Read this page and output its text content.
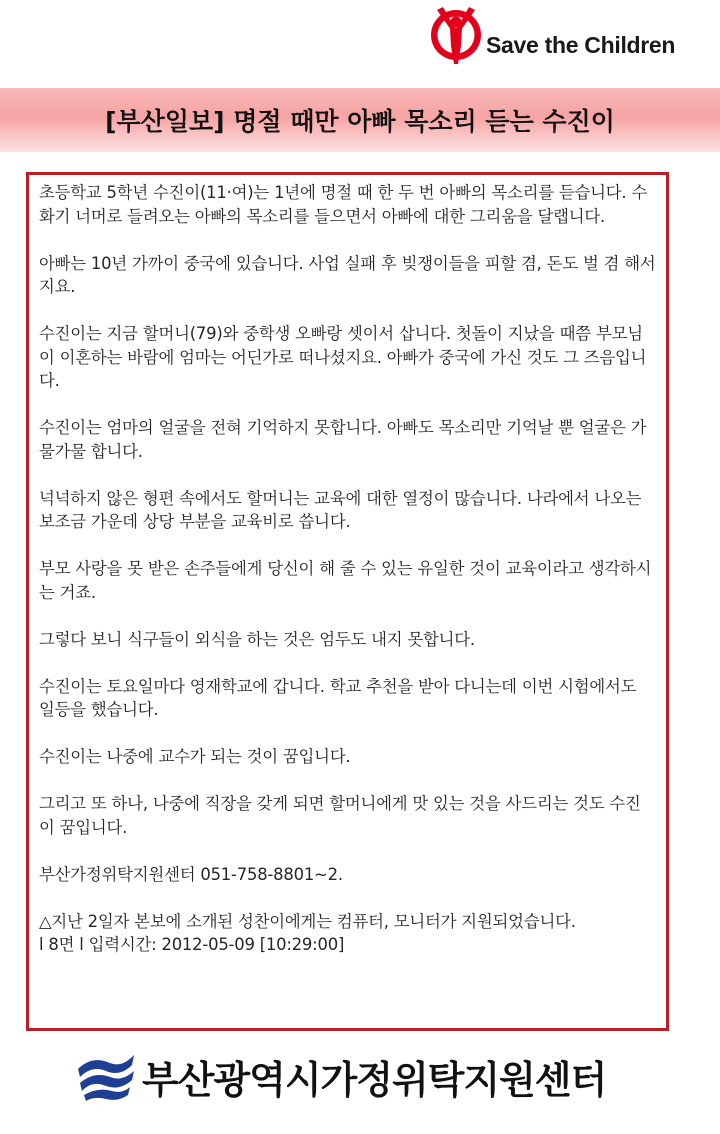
Save the Children
[부산일보] 명절 때만 아빠 목소리 듣는 수진이

초등학교 5학년 수진이(11·여)는 1년에 명절 때 한 두 번 아빠의 목소리를 듣습니다. 수화기 너머로 들려오는 아빠의 목소리를 들으면서 아빠에 대한 그리움을 달랩니다.

아빠는 10년 가까이 중국에 있습니다. 사업 실패 후 빚쟁이들을 피할 겸, 돈도 벌 겸 해서지요.

수진이는 지금 할머니(79)와 중학생 오빠랑 셋이서 삽니다. 첫돌이 지났을 때쯤 부모님이 이혼하는 바람에 엄마는 어딘가로 떠나셨지요. 아빠가 중국에 가신 것도 그 즈음입니다.

수진이는 엄마의 얼굴을 전혀 기억하지 못합니다. 아빠도 목소리만 기억날 뿐 얼굴은 가물가물 합니다.

넉넉하지 않은 형편 속에서도 할머니는 교육에 대한 열정이 많습니다. 나라에서 나오는 보조금 가운데 상당 부분을 교육비로 씁니다.

부모 사랑을 못 받은 손주들에게 당신이 해 줄 수 있는 유일한 것이 교육이라고 생각하시는 거죠.

그렇다 보니 식구들이 외식을 하는 것은 엄두도 내지 못합니다.

수진이는 토요일마다 영재학교에 갑니다. 학교 추천을 받아 다니는데 이번 시험에서도 일등을 했습니다.

수진이는 나중에 교수가 되는 것이 꿈입니다.

그리고 또 하나, 나중에 직장을 갖게 되면 할머니에게 맛 있는 것을 사드리는 것도 수진이 꿈입니다.

부산가정위탁지원센터 051-758-8801~2.

△지난 2일자 본보에 소개된 성찬이에게는 컴퓨터, 모니터가 지원되었습니다.

l 8면 l 입력시간: 2012-05-09 [10:29:00]
부산광역시가정위탁지원센터
